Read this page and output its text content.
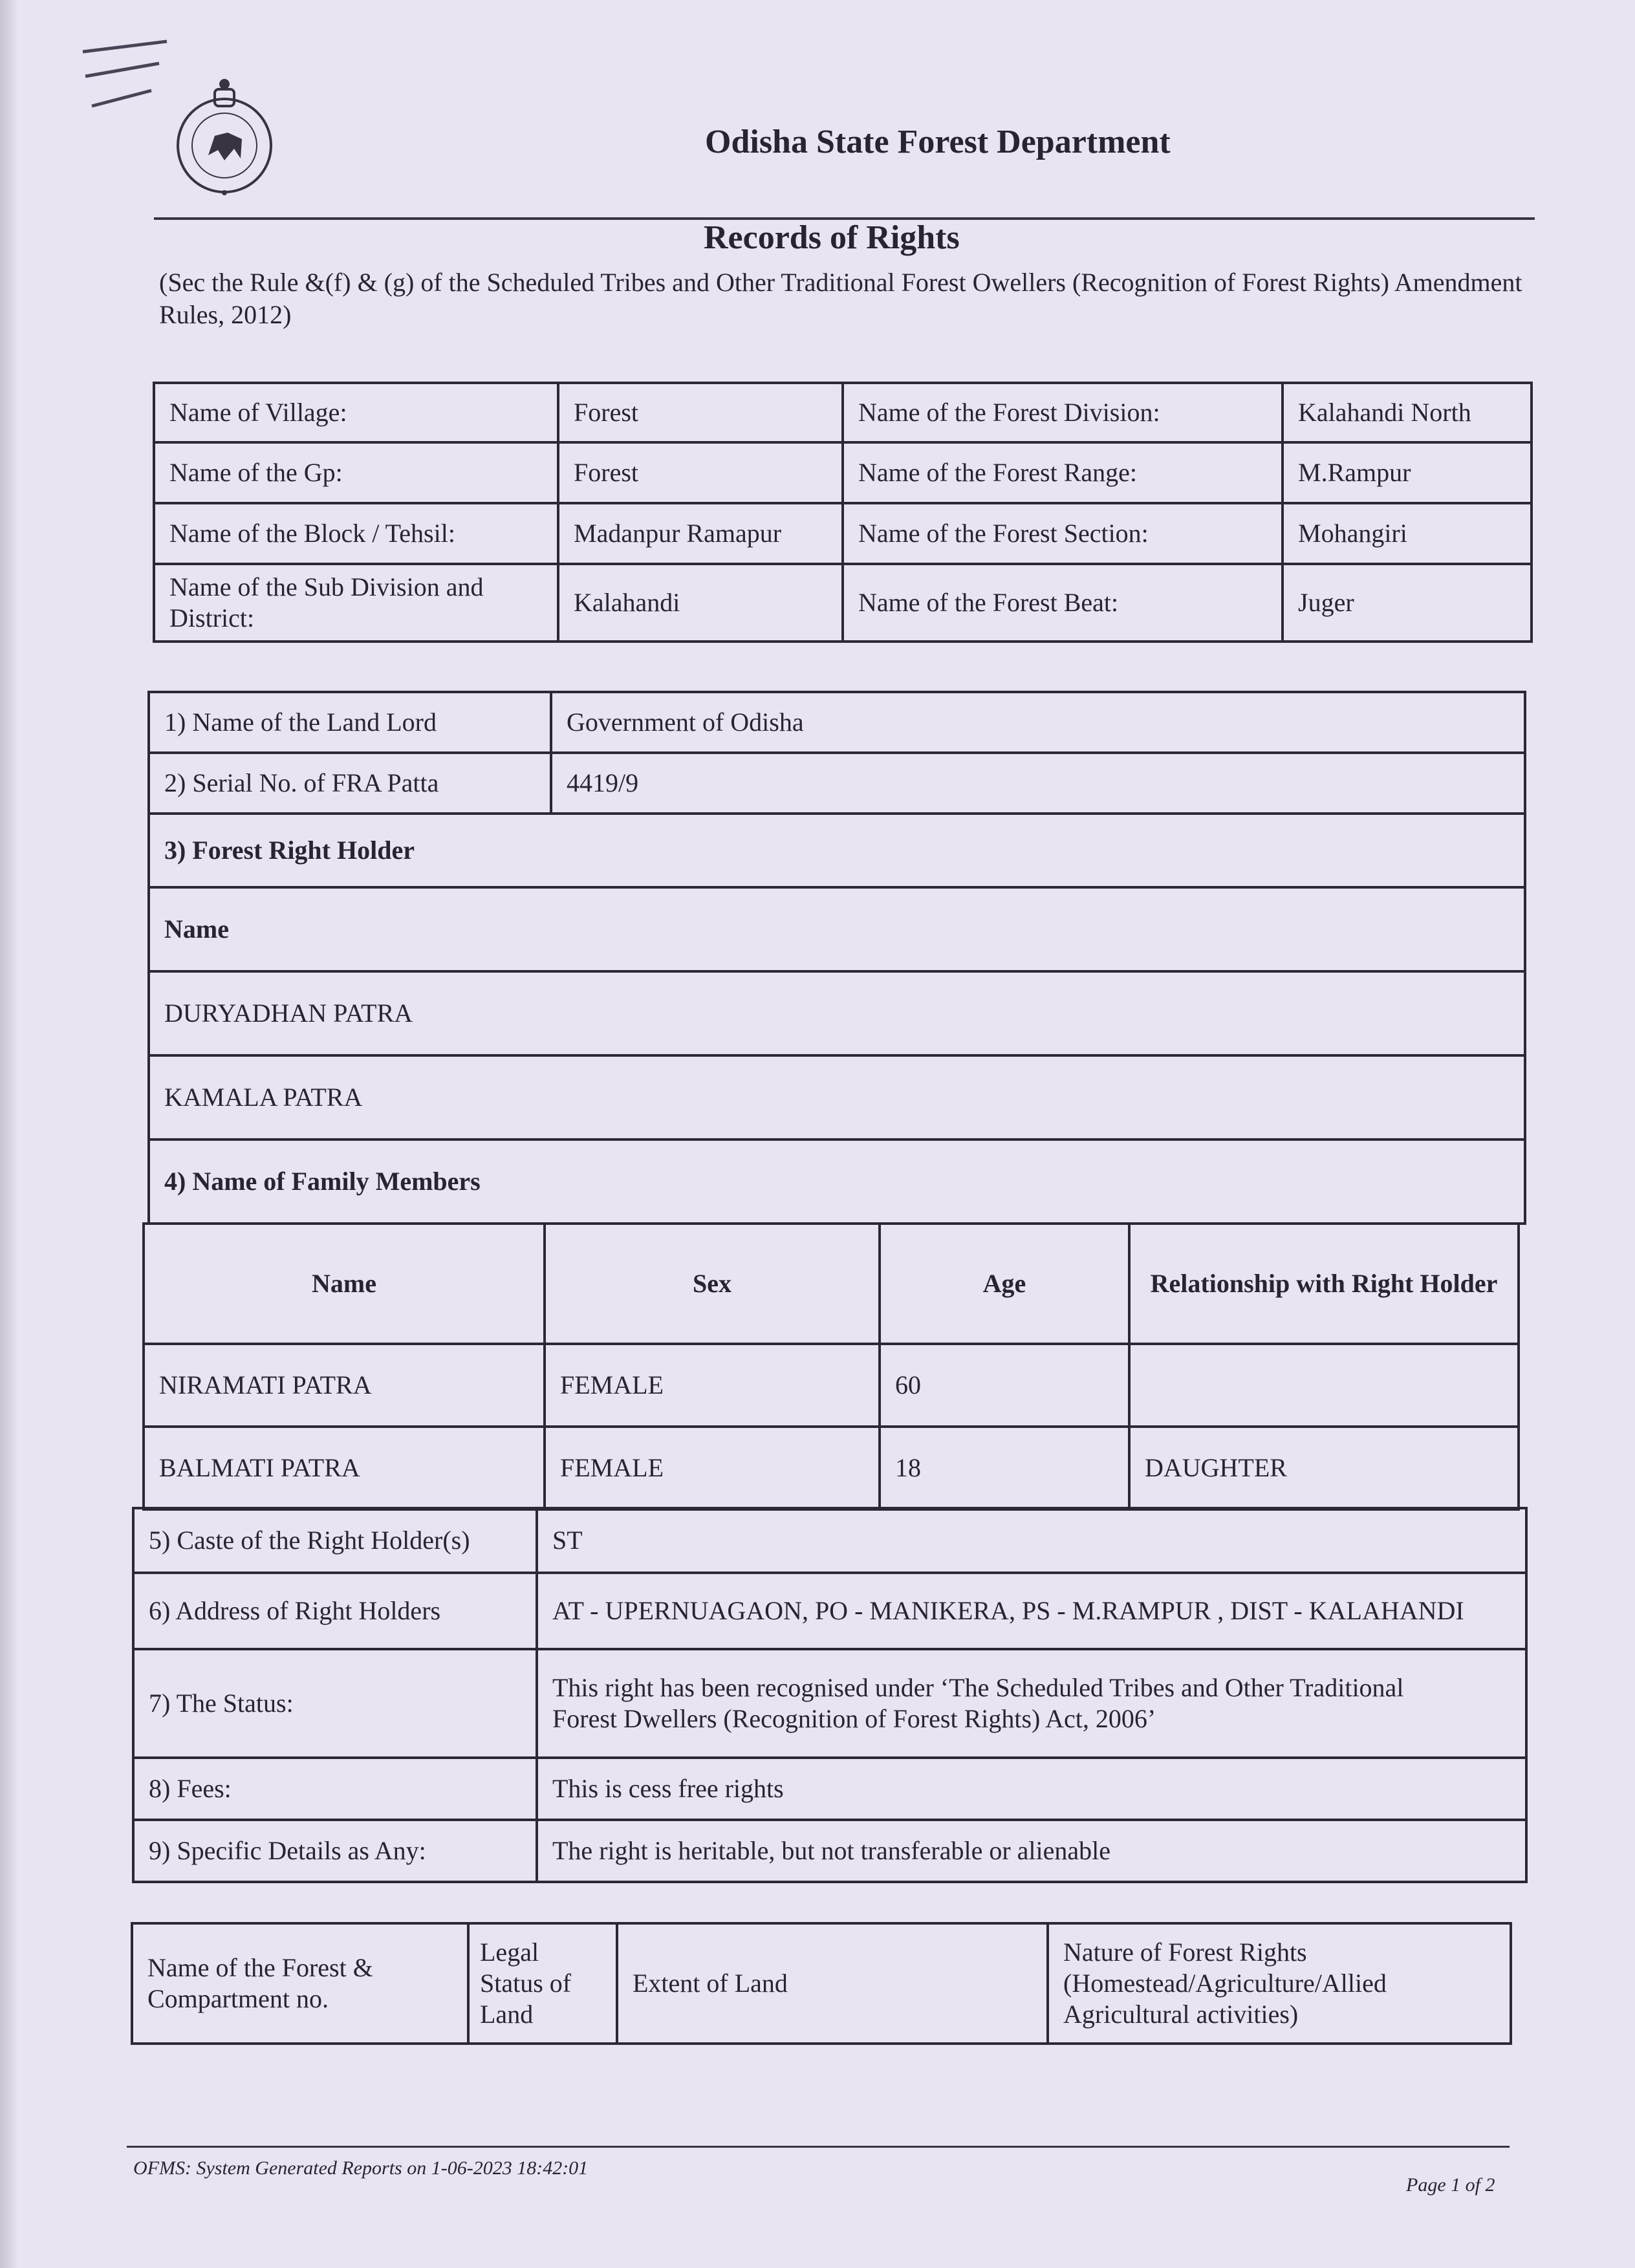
Odisha State Forest Department
Records of Rights
(Sec the Rule &(f) & (g) of the Scheduled Tribes and Other Traditional Forest Owellers (Recognition of Forest Rights) Amendment Rules, 2012)
Name of Village:	Forest	Name of the Forest Division:	Kalahandi North
Name of the Gp:	Forest	Name of the Forest Range:	M.Rampur
Name of the Block / Tehsil:	Madanpur Ramapur	Name of the Forest Section:	Mohangiri
Name of the Sub Division and District:	Kalahandi	Name of the Forest Beat:	Juger
1) Name of the Land Lord	Government of Odisha
2) Serial No. of FRA Patta	4419/9
3) Forest Right Holder	
Name	
DURYADHAN PATRA	
KAMALA PATRA	
4) Name of Family Members	
Name	Sex	Age	Relationship with Right Holder
NIRAMATI PATRA	FEMALE	60	
BALMATI PATRA	FEMALE	18	DAUGHTER
5) Caste of the Right Holder(s)	ST
6) Address of Right Holders	AT - UPERNUAGAON, PO - MANIKERA, PS - M.RAMPUR , DIST - KALAHANDI
7) The Status:	This right has been recognised under ‘The Scheduled Tribes and Other Traditional
Forest Dwellers (Recognition of Forest Rights) Act, 2006’

8) Fees:	This is cess free rights
9) Specific Details as Any:	The right is heritable, but not transferable or alienable
Name of the Forest & Compartment no.	Legal Status of Land	Extent of Land	Nature of Forest Rights (Homestead/Agriculture/Allied Agricultural activities)
OFMS: System Generated Reports on 1-06-2023 18:42:01
Page 1 of 2
